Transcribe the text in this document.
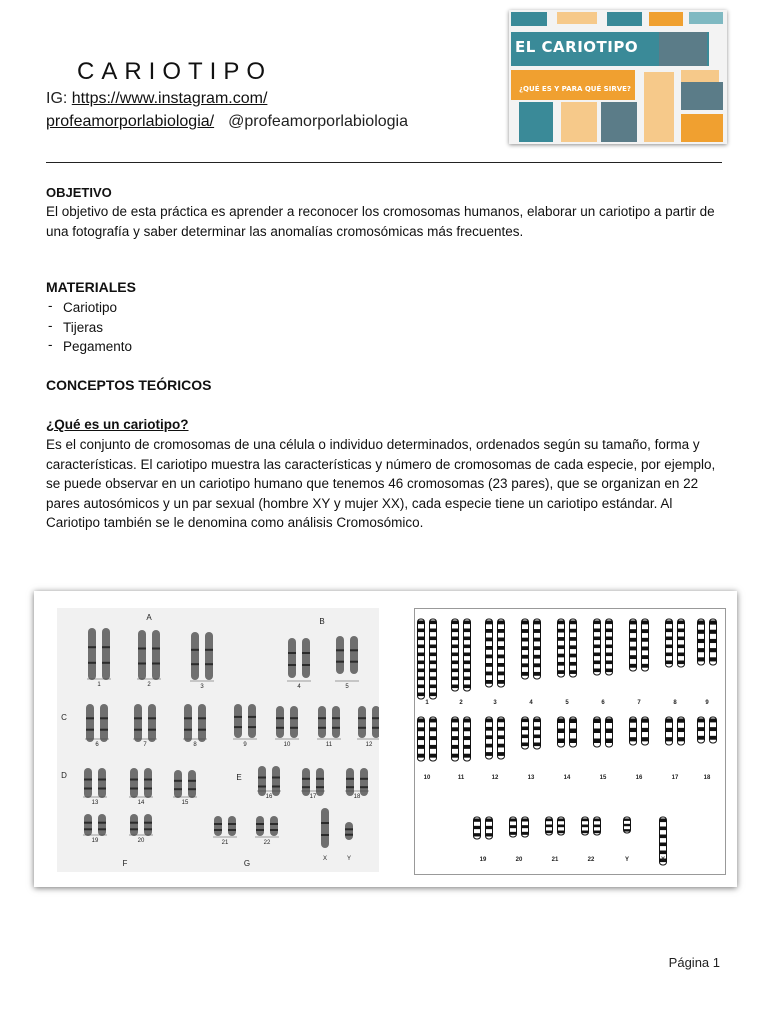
CARIOTIPO
IG: https://www.instagram.com/
profeamorporlabiologia/ @profeamorporlabiologia
EL CARIOTIPO
¿QUÉ ES Y PARA QUÉ SIRVE?
OBJETIVO
El objetivo de esta práctica es aprender a reconocer los cromosomas humanos, elaborar un cariotipo a partir de una fotografía y saber determinar las anomalías cromosómicas más frecuentes.
MATERIALES
- Cariotipo
- Tijeras
- Pegamento
CONCEPTOS TEÓRICOS
¿Qué es un cariotipo?
Es el conjunto de cromosomas de una célula o individuo determinados, ordenados según su tamaño, forma y características. El cariotipo muestra las características y número de cromosomas de cada especie, por ejemplo, se puede observar en un cariotipo humano que tenemos 46 cromosomas (23 pares), que se organizan en 22 pares autosómicos y un par sexual (hombre XY y mujer XX), cada especie tiene un cariotipo estándar. Al Cariotipo también se le denomina como análisis Cromosómico.
A	B
C
D	E
F	G
1	2	3	4	5
6	7	8	9	10	11	12
13	14	15
16	17	18
19	20	21	22
X	Y
1	2	3	4	5	6	7	8	9
10	11	12	13	14	15	16	17	18
19	20	21	22	Y	X
Página 1
